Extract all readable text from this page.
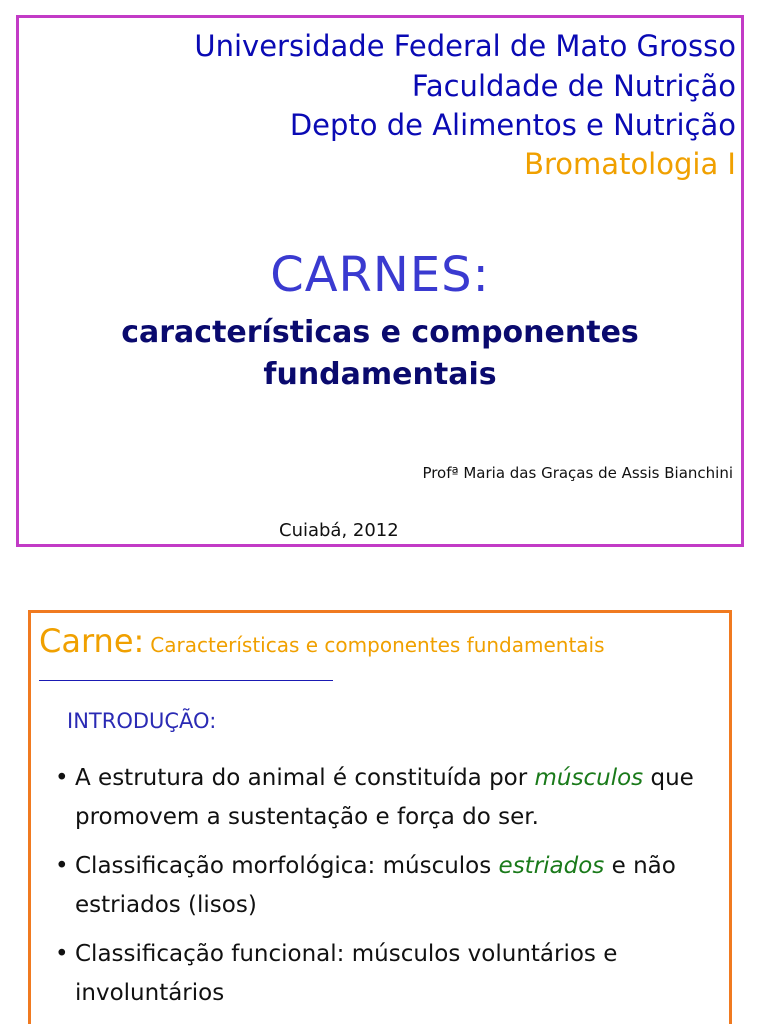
Universidade Federal de Mato Grosso
Faculdade de Nutrição
Depto de Alimentos e Nutrição
Bromatologia I
CARNES:
características e componentes
fundamentais
Profª Maria das Graças de Assis Bianchini
Cuiabá, 2012
Carne: Características e componentes fundamentais
INTRODUÇÃO:
• A estrutura do animal é constituída por músculos que promovem a sustentação e força do ser.
• Classificação morfológica: músculos estriados e não estriados (lisos)
• Classificação funcional: músculos voluntários e involuntários
